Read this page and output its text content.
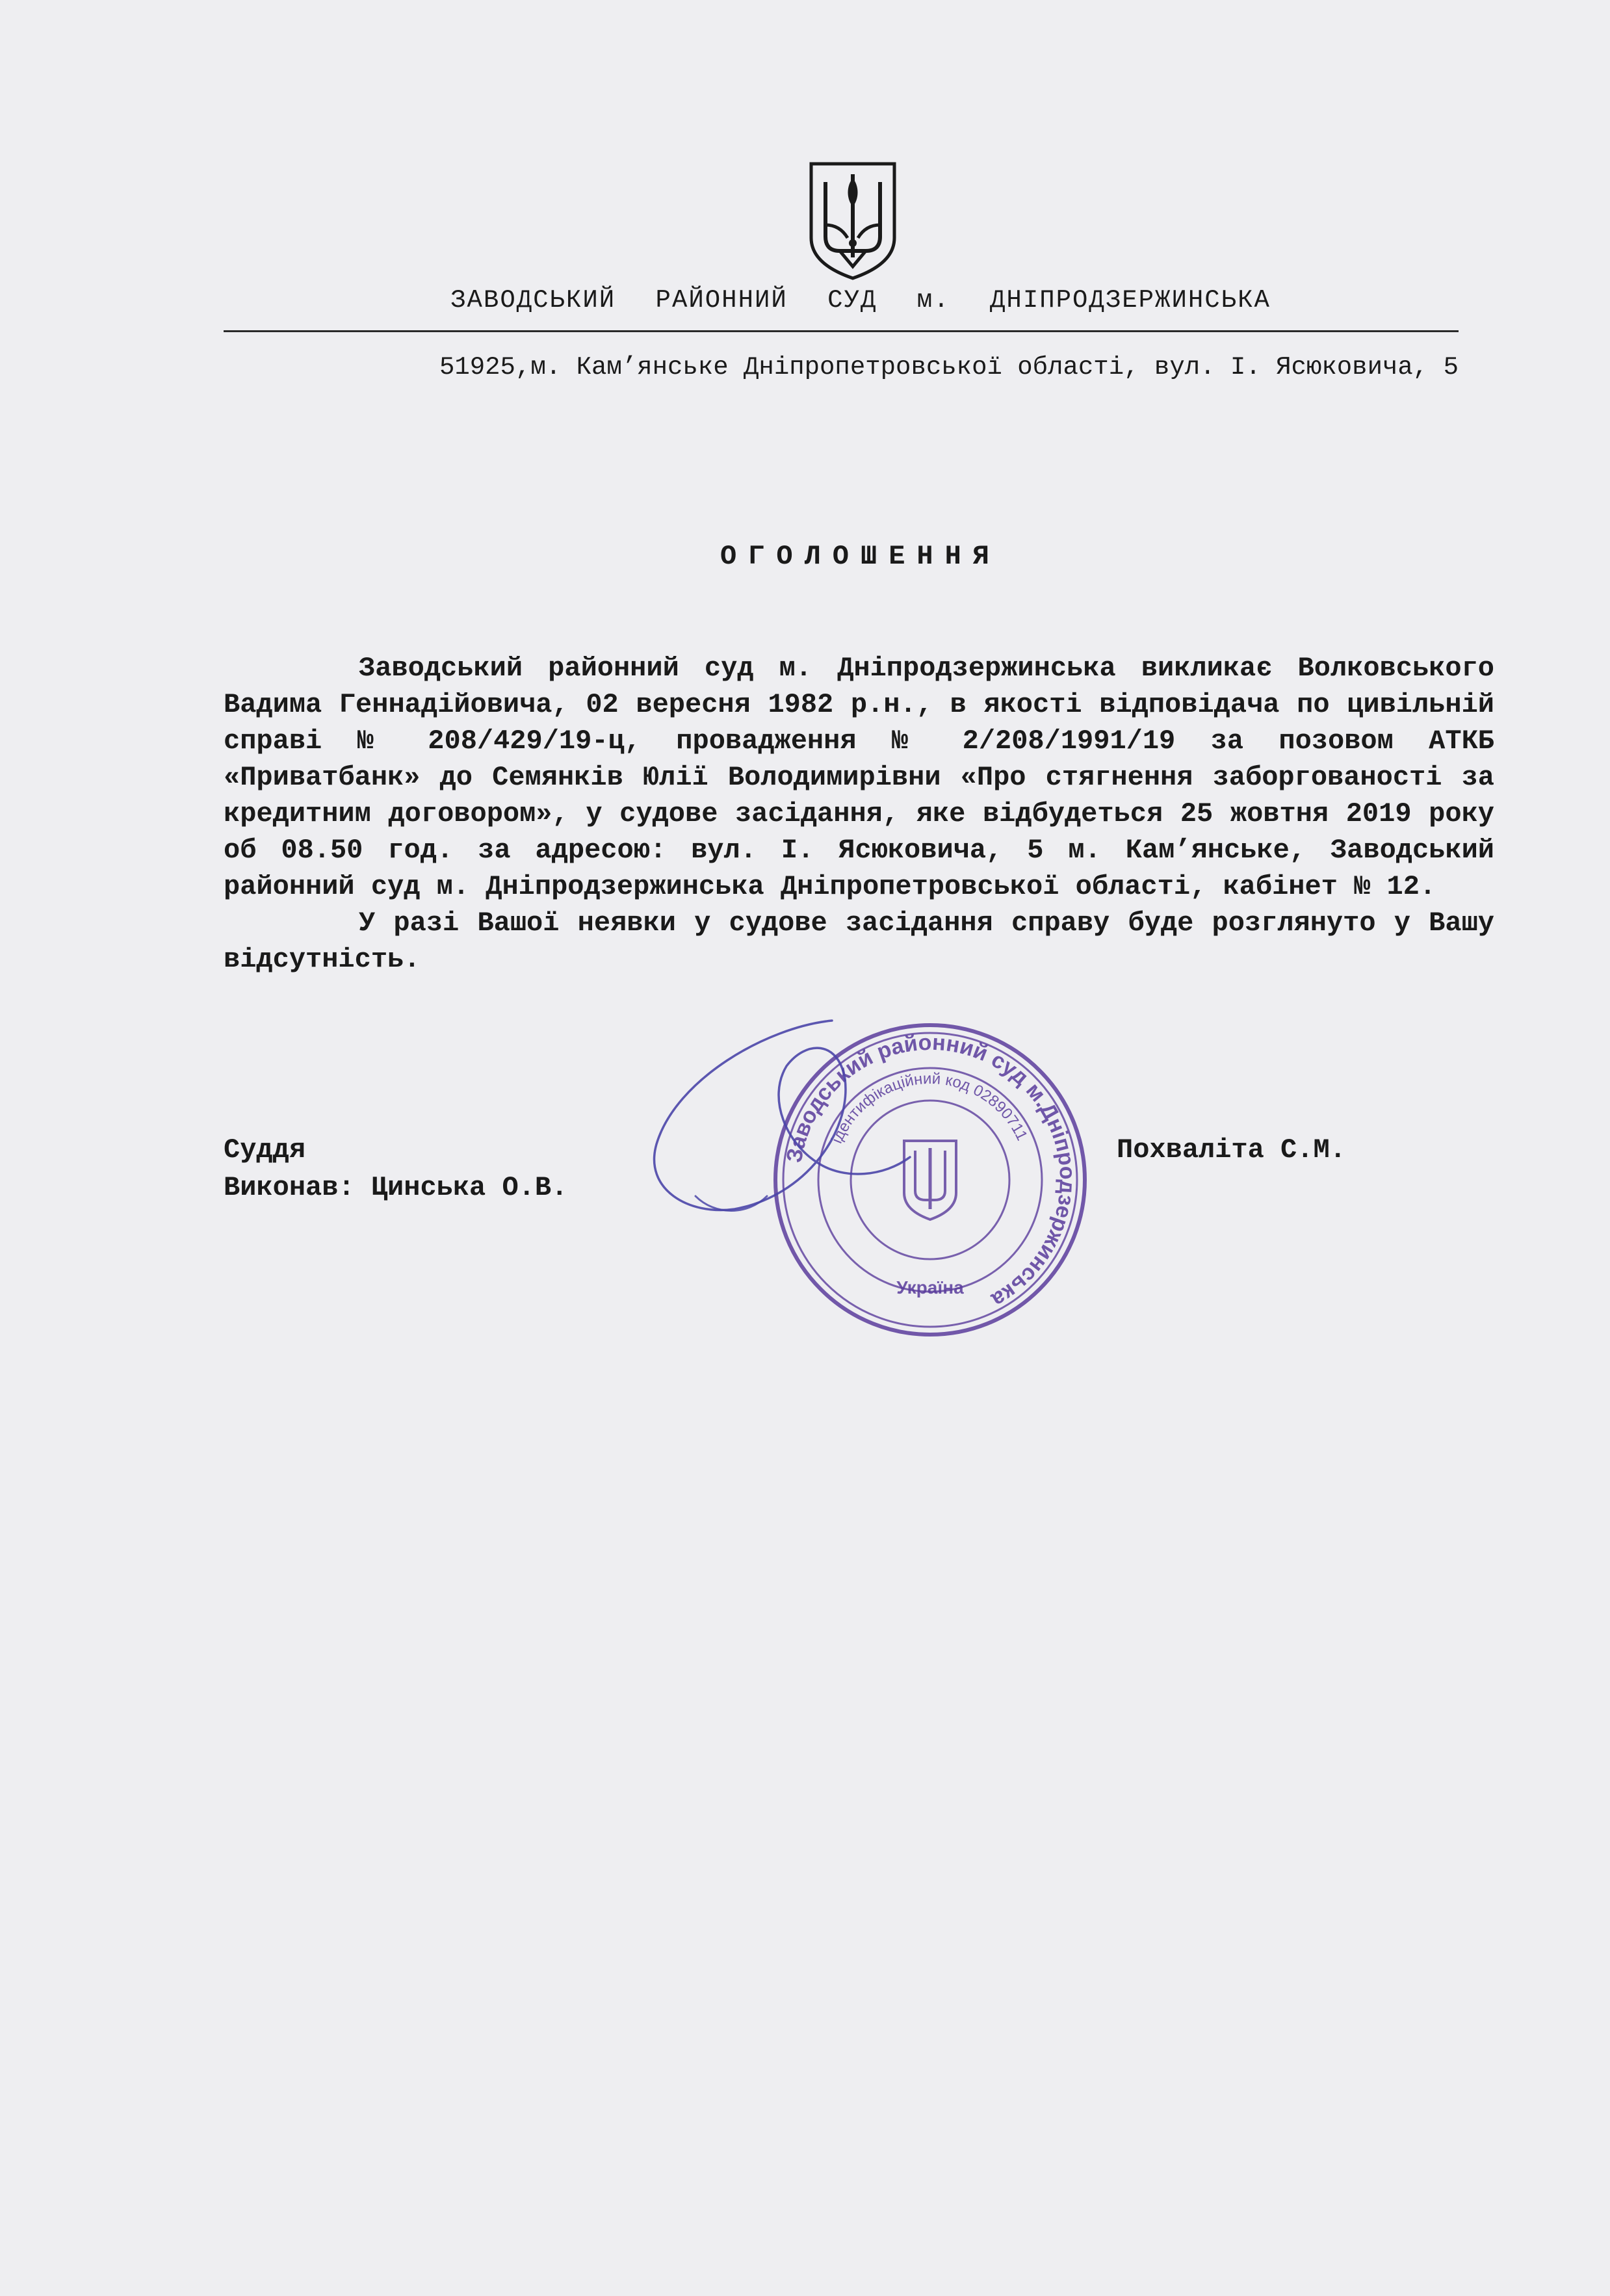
ЗАВОДСЬКИЙ РАЙОННИЙ СУД м. ДНІПРОДЗЕРЖИНСЬКА
51925,м. Кам’янське Дніпропетровської області, вул. І. Ясюковича, 5
ОГОЛОШЕННЯ

Заводський районний суд м. Дніпродзержинська викликає Волковського Вадима Геннадійовича, 02 вересня 1982 р.н., в якості відповідача по цивільній справі № 208/429/19-ц, провадження № 2/208/1991/19 за позовом АТКБ «Приватбанк» до Семянків Юлії Володимирівни «Про стягнення заборгованості за кредитним договором», у судове засідання, яке відбудеться 25 жовтня 2019 року об 08.50 год. за адресою: вул. І. Ясюковича, 5 м. Кам’янське, Заводський районний суд м. Дніпродзержинська Дніпропетровської області, кабінет № 12.

У разі Вашої неявки у судове засідання справу буде розглянуто у Вашу відсутність.

Заводський районний суд м.Дніпродзержинська
ідентифікаційний код 02890711
Україна
Суддя
Виконав: Цинська О.В.
Похваліта С.М.
